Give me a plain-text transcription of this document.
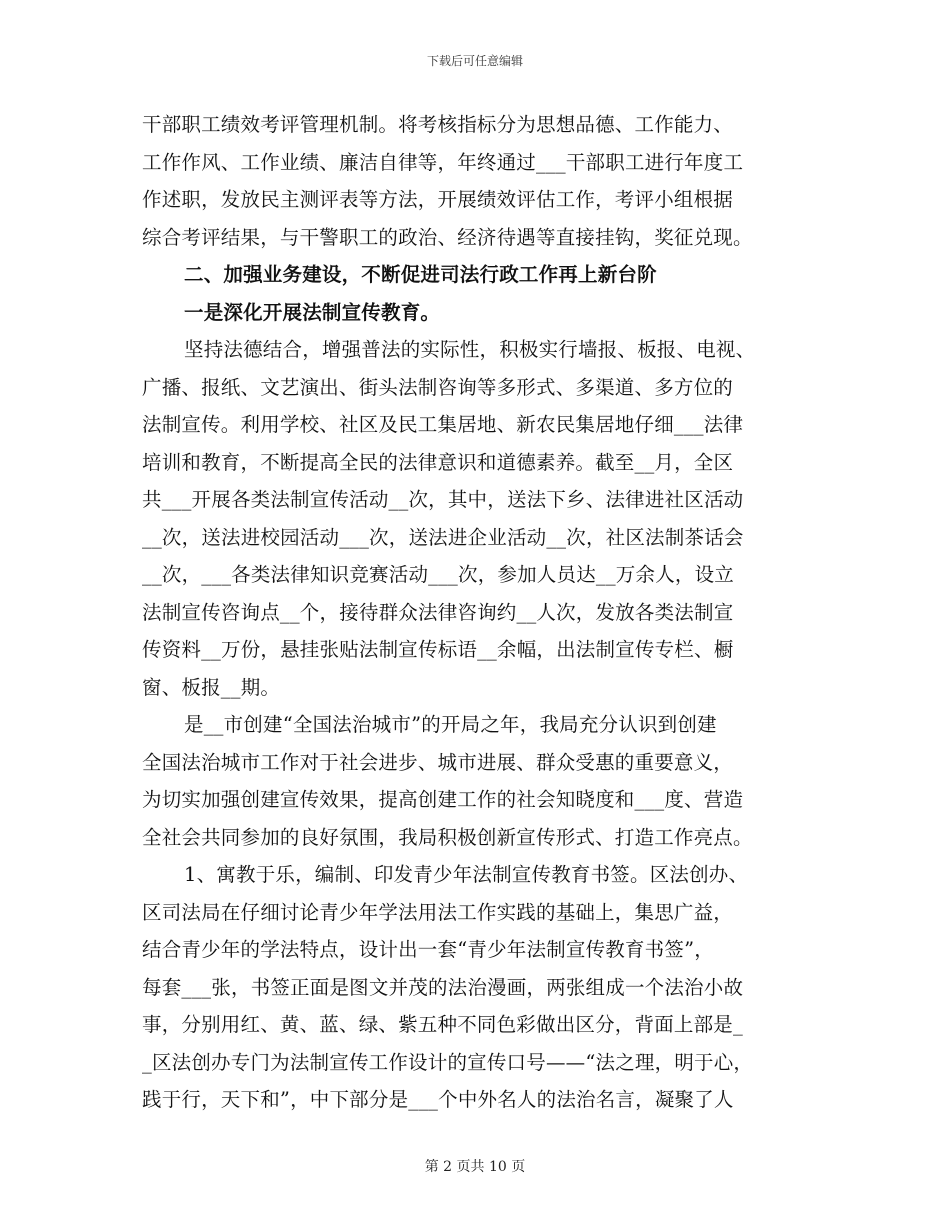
下载后可任意编辑
干部职工绩效考评管理机制。将考核指标分为思想品德、工作能力、
工作作风、工作业绩、廉洁自律等，年终通过___干部职工进行年度工
作述职，发放民主测评表等方法，开展绩效评估工作，考评小组根据
综合考评结果，与干警职工的政治、经济待遇等直接挂钩，奖征兑现。
二、加强业务建设，不断促进司法行政工作再上新台阶
一是深化开展法制宣传教育。
坚持法德结合，增强普法的实际性，积极实行墙报、板报、电视、
广播、报纸、文艺演出、街头法制咨询等多形式、多渠道、多方位的
法制宣传。利用学校、社区及民工集居地、新农民集居地仔细___法律
培训和教育，不断提高全民的法律意识和道德素养。截至__月，全区
共___开展各类法制宣传活动__次，其中，送法下乡、法律进社区活动
__次，送法进校园活动___次，送法进企业活动__次，社区法制茶话会
__次，___各类法律知识竞赛活动___次，参加人员达__万余人，设立
法制宣传咨询点__个，接待群众法律咨询约__人次，发放各类法制宣
传资料__万份，悬挂张贴法制宣传标语__余幅，出法制宣传专栏、橱
窗、板报__期。
是__市创建“全国法治城市”的开局之年，我局充分认识到创建
全国法治城市工作对于社会进步、城市进展、群众受惠的重要意义，
为切实加强创建宣传效果，提高创建工作的社会知晓度和___度、营造
全社会共同参加的良好氛围，我局积极创新宣传形式、打造工作亮点。
1、寓教于乐，编制、印发青少年法制宣传教育书签。区法创办、
区司法局在仔细讨论青少年学法用法工作实践的基础上，集思广益，
结合青少年的学法特点，设计出一套“青少年法制宣传教育书签”，
每套___张，书签正面是图文并茂的法治漫画，两张组成一个法治小故
事，分别用红、黄、蓝、绿、紫五种不同色彩做出区分，背面上部是_
_区法创办专门为法制宣传工作设计的宣传口号——“法之理，明于心，
践于行，天下和”，中下部分是___个中外名人的法治名言，凝聚了人
第 2 页共 10 页
